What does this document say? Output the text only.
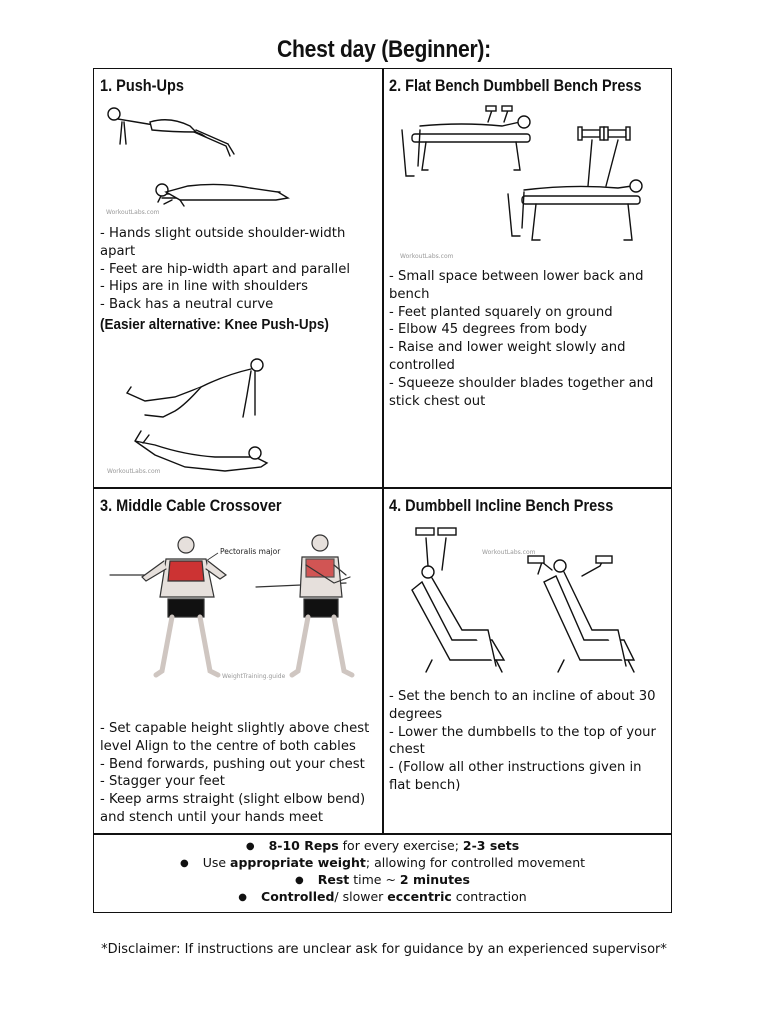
Chest day (Beginner):
1. Push-Ups
WorkoutLabs.com
- Hands slight outside shoulder-width apart
- Feet are hip-width apart and parallel
- Hips are in line with shoulders
- Back has a neutral curve
(Easier alternative: Knee Push-Ups)
WorkoutLabs.com
2. Flat Bench Dumbbell Bench Press
WorkoutLabs.com
- Small space between lower back and bench
- Feet planted squarely on ground
- Elbow 45 degrees from body
- Raise and lower weight slowly and controlled
- Squeeze shoulder blades together and stick chest out
3. Middle Cable Crossover
Pectoralis major
WeightTraining.guide
- Set capable height slightly above chest level Align to the centre of both cables
- Bend forwards, pushing out your chest
- Stagger your feet
- Keep arms straight (slight elbow bend) and stench until your hands meet
4. Dumbbell Incline Bench Press
WorkoutLabs.com
- Set the bench to an incline of about 30 degrees
- Lower the dumbbells to the top of your chest
- (Follow all other instructions given in flat bench)
● 8-10 Reps for every exercise; 2-3 sets
● Use appropriate weight; allowing for controlled movement
● Rest time ~ 2 minutes
● Controlled/ slower eccentric contraction
*Disclaimer: If instructions are unclear ask for guidance by an experienced supervisor*
